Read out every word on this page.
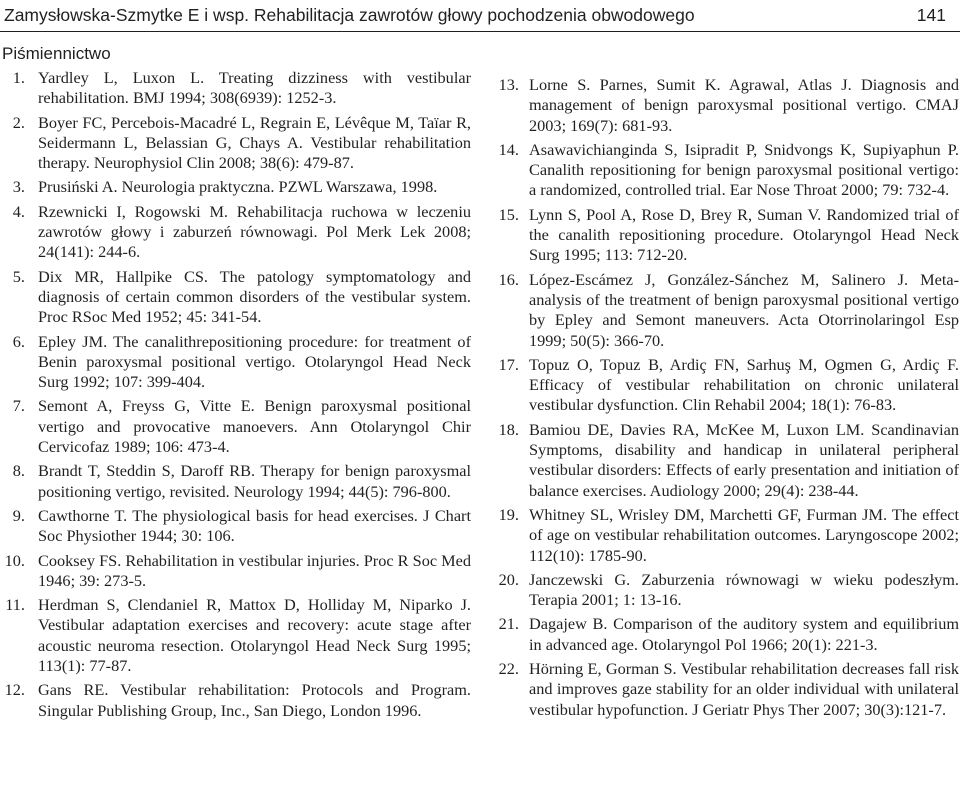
Zamysłowska-Szmytke E i wsp. Rehabilitacja zawrotów głowy pochodzenia obwodowego	141
Piśmiennictwo
1. Yardley L, Luxon L. Treating dizziness with vestibular rehabilitation. BMJ 1994; 308(6939): 1252-3.
2. Boyer FC, Percebois-Macadré L, Regrain E, Lévêque M, Taïar R, Seidermann L, Belassian G, Chays A. Vestibular rehabilitation therapy. Neurophysiol Clin 2008; 38(6): 479-87.
3. Prusiński A. Neurologia praktyczna. PZWL Warszawa, 1998.
4. Rzewnicki I, Rogowski M. Rehabilitacja ruchowa w leczeniu zawrotów głowy i zaburzeń równowagi. Pol Merk Lek 2008; 24(141): 244-6.
5. Dix MR, Hallpike CS. The patology symptomatology and diagnosis of certain common disorders of the vestibular system. Proc RSoc Med 1952; 45: 341-54.
6. Epley JM. The canalithrepositioning procedure: for treatment of Benin paroxysmal positional vertigo. Otolaryngol Head Neck Surg 1992; 107: 399-404.
7. Semont A, Freyss G, Vitte E. Benign paroxysmal positional vertigo and provocative manoevers. Ann Otolaryngol Chir Cervicofaz 1989; 106: 473-4.
8. Brandt T, Steddin S, Daroff RB. Therapy for benign paroxysmal positioning vertigo, revisited. Neurology 1994; 44(5): 796-800.
9. Cawthorne T. The physiological basis for head exercises. J Chart Soc Physiother 1944; 30: 106.
10. Cooksey FS. Rehabilitation in vestibular injuries. Proc R Soc Med 1946; 39: 273-5.
11. Herdman S, Clendaniel R, Mattox D, Holliday M, Niparko J. Vestibular adaptation exercises and recovery: acute stage after acoustic neuroma resection. Otolaryngol Head Neck Surg 1995; 113(1): 77-87.
12. Gans RE. Vestibular rehabilitation: Protocols and Program. Singular Publishing Group, Inc., San Diego, London 1996.
13. Lorne S. Parnes, Sumit K. Agrawal, Atlas J. Diagnosis and management of benign paroxysmal positional vertigo. CMAJ 2003; 169(7): 681-93.
14. Asawavichianginda S, Isipradit P, Snidvongs K, Supiyaphun P. Canalith repositioning for benign paroxysmal positional vertigo: a randomized, controlled trial. Ear Nose Throat 2000; 79: 732-4.
15. Lynn S, Pool A, Rose D, Brey R, Suman V. Randomized trial of the canalith repositioning procedure. Otolaryngol Head Neck Surg 1995; 113: 712-20.
16. López-Escámez J, González-Sánchez M, Salinero J. Meta-analysis of the treatment of benign paroxysmal positional vertigo by Epley and Semont maneuvers. Acta Otorrinolaringol Esp 1999; 50(5): 366-70.
17. Topuz O, Topuz B, Ardiç FN, Sarhuş M, Ogmen G, Ardiç F. Efficacy of vestibular rehabilitation on chronic unilateral vestibular dysfunction. Clin Rehabil 2004; 18(1): 76-83.
18. Bamiou DE, Davies RA, McKee M, Luxon LM. Scandinavian Symptoms, disability and handicap in unilateral peripheral vestibular disorders: Effects of early presentation and initiation of balance exercises. Audiology 2000; 29(4): 238-44.
19. Whitney SL, Wrisley DM, Marchetti GF, Furman JM. The effect of age on vestibular rehabilitation outcomes. Laryngoscope 2002; 112(10): 1785-90.
20. Janczewski G. Zaburzenia równowagi w wieku podeszłym. Terapia 2001; 1: 13-16.
21. Dagajew B. Comparison of the auditory system and equilibrium in advanced age. Otolaryngol Pol 1966; 20(1): 221-3.
22. Hörning E, Gorman S. Vestibular rehabilitation decreases fall risk and improves gaze stability for an older individual with unilateral vestibular hypofunction. J Geriatr Phys Ther 2007; 30(3):121-7.
